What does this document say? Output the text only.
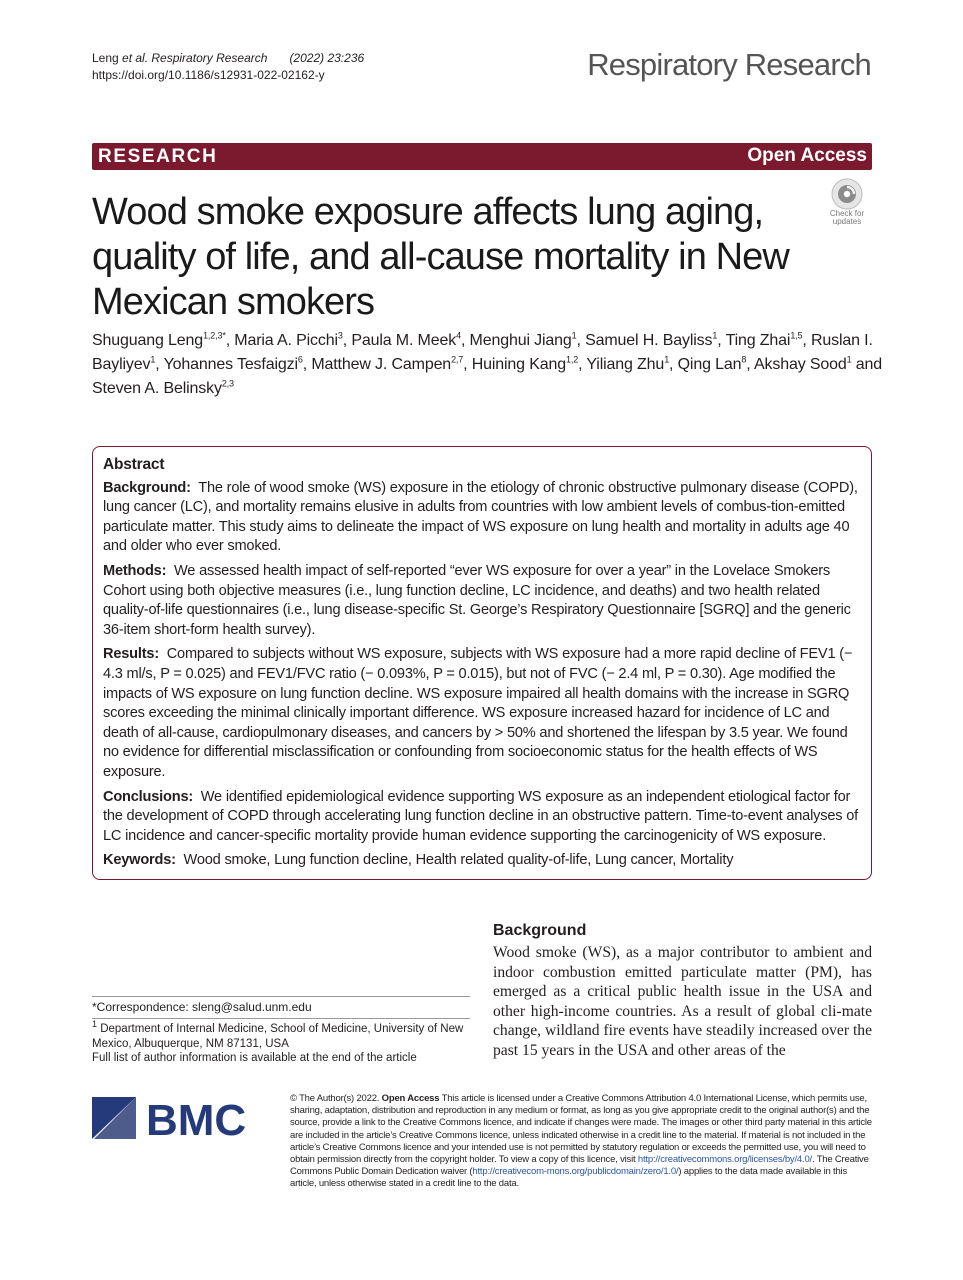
Leng et al. Respiratory Research (2022) 23:236
https://doi.org/10.1186/s12931-022-02162-y	Respiratory Research
RESEARCH	Open Access
Wood smoke exposure affects lung aging, quality of life, and all-cause mortality in New Mexican smokers
Check for
updates
Shuguang Leng$^{1,2,3*}$, Maria A. Picchi$^3$, Paula M. Meek$^4$, Menghui Jiang$^1$, Samuel H. Bayliss$^1$, Ting Zhai$^{1,5}$, Ruslan I. Bayliyev$^1$, Yohannes Tesfaigzi$^6$, Matthew J. Campen$^{2,7}$, Huining Kang$^{1,2}$, Yiliang Zhu$^1$, Qing Lan$^8$, Akshay Sood$^1$ and Steven A. Belinsky$^{2,3}$
Abstract

Background: The role of wood smoke (WS) exposure in the etiology of chronic obstructive pulmonary disease (COPD), lung cancer (LC), and mortality remains elusive in adults from countries with low ambient levels of combus-tion-emitted particulate matter. This study aims to delineate the impact of WS exposure on lung health and mortality in adults age 40 and older who ever smoked.

Methods: We assessed health impact of self-reported “ever WS exposure for over a year” in the Lovelace Smokers Cohort using both objective measures (i.e., lung function decline, LC incidence, and deaths) and two health related quality-of-life questionnaires (i.e., lung disease-specific St. George’s Respiratory Questionnaire [SGRQ] and the generic 36-item short-form health survey).

Results: Compared to subjects without WS exposure, subjects with WS exposure had a more rapid decline of FEV1 (− 4.3 ml/s, P = 0.025) and FEV1/FVC ratio (− 0.093%, P = 0.015), but not of FVC (− 2.4 ml, P = 0.30). Age modified the impacts of WS exposure on lung function decline. WS exposure impaired all health domains with the increase in SGRQ scores exceeding the minimal clinically important difference. WS exposure increased hazard for incidence of LC and death of all-cause, cardiopulmonary diseases, and cancers by > 50% and shortened the lifespan by 3.5 year. We found no evidence for differential misclassification or confounding from socioeconomic status for the health effects of WS exposure.

Conclusions: We identified epidemiological evidence supporting WS exposure as an independent etiological factor for the development of COPD through accelerating lung function decline in an obstructive pattern. Time-to-event analyses of LC incidence and cancer-specific mortality provide human evidence supporting the carcinogenicity of WS exposure.

Keywords: Wood smoke, Lung function decline, Health related quality-of-life, Lung cancer, Mortality

Background
Wood smoke (WS), as a major contributor to ambient and indoor combustion emitted particulate matter (PM), has emerged as a critical public health issue in the USA and other high-income countries. As a result of global cli-mate change, wildland fire events have steadily increased over the past 15 years in the USA and other areas of the
*Correspondence: sleng@salud.unm.edu
$^1$ Department of Internal Medicine, School of Medicine, University of New Mexico, Albuquerque, NM 87131, USA
Full list of author information is available at the end of the article
BMC	© The Author(s) 2022. Open Access This article is licensed under a Creative Commons Attribution 4.0 International License, which permits use, sharing, adaptation, distribution and reproduction in any medium or format, as long as you give appropriate credit to the original author(s) and the source, provide a link to the Creative Commons licence, and indicate if changes were made. The images or other third party material in this article are included in the article’s Creative Commons licence, unless indicated otherwise in a credit line to the material. If material is not included in the article’s Creative Commons licence and your intended use is not permitted by statutory regulation or exceeds the permitted use, you will need to obtain permission directly from the copyright holder. To view a copy of this licence, visit http://creativecommons.org/licenses/by/4.0/. The Creative Commons Public Domain Dedication waiver (http://creativecom-mons.org/publicdomain/zero/1.0/) applies to the data made available in this article, unless otherwise stated in a credit line to the data.
